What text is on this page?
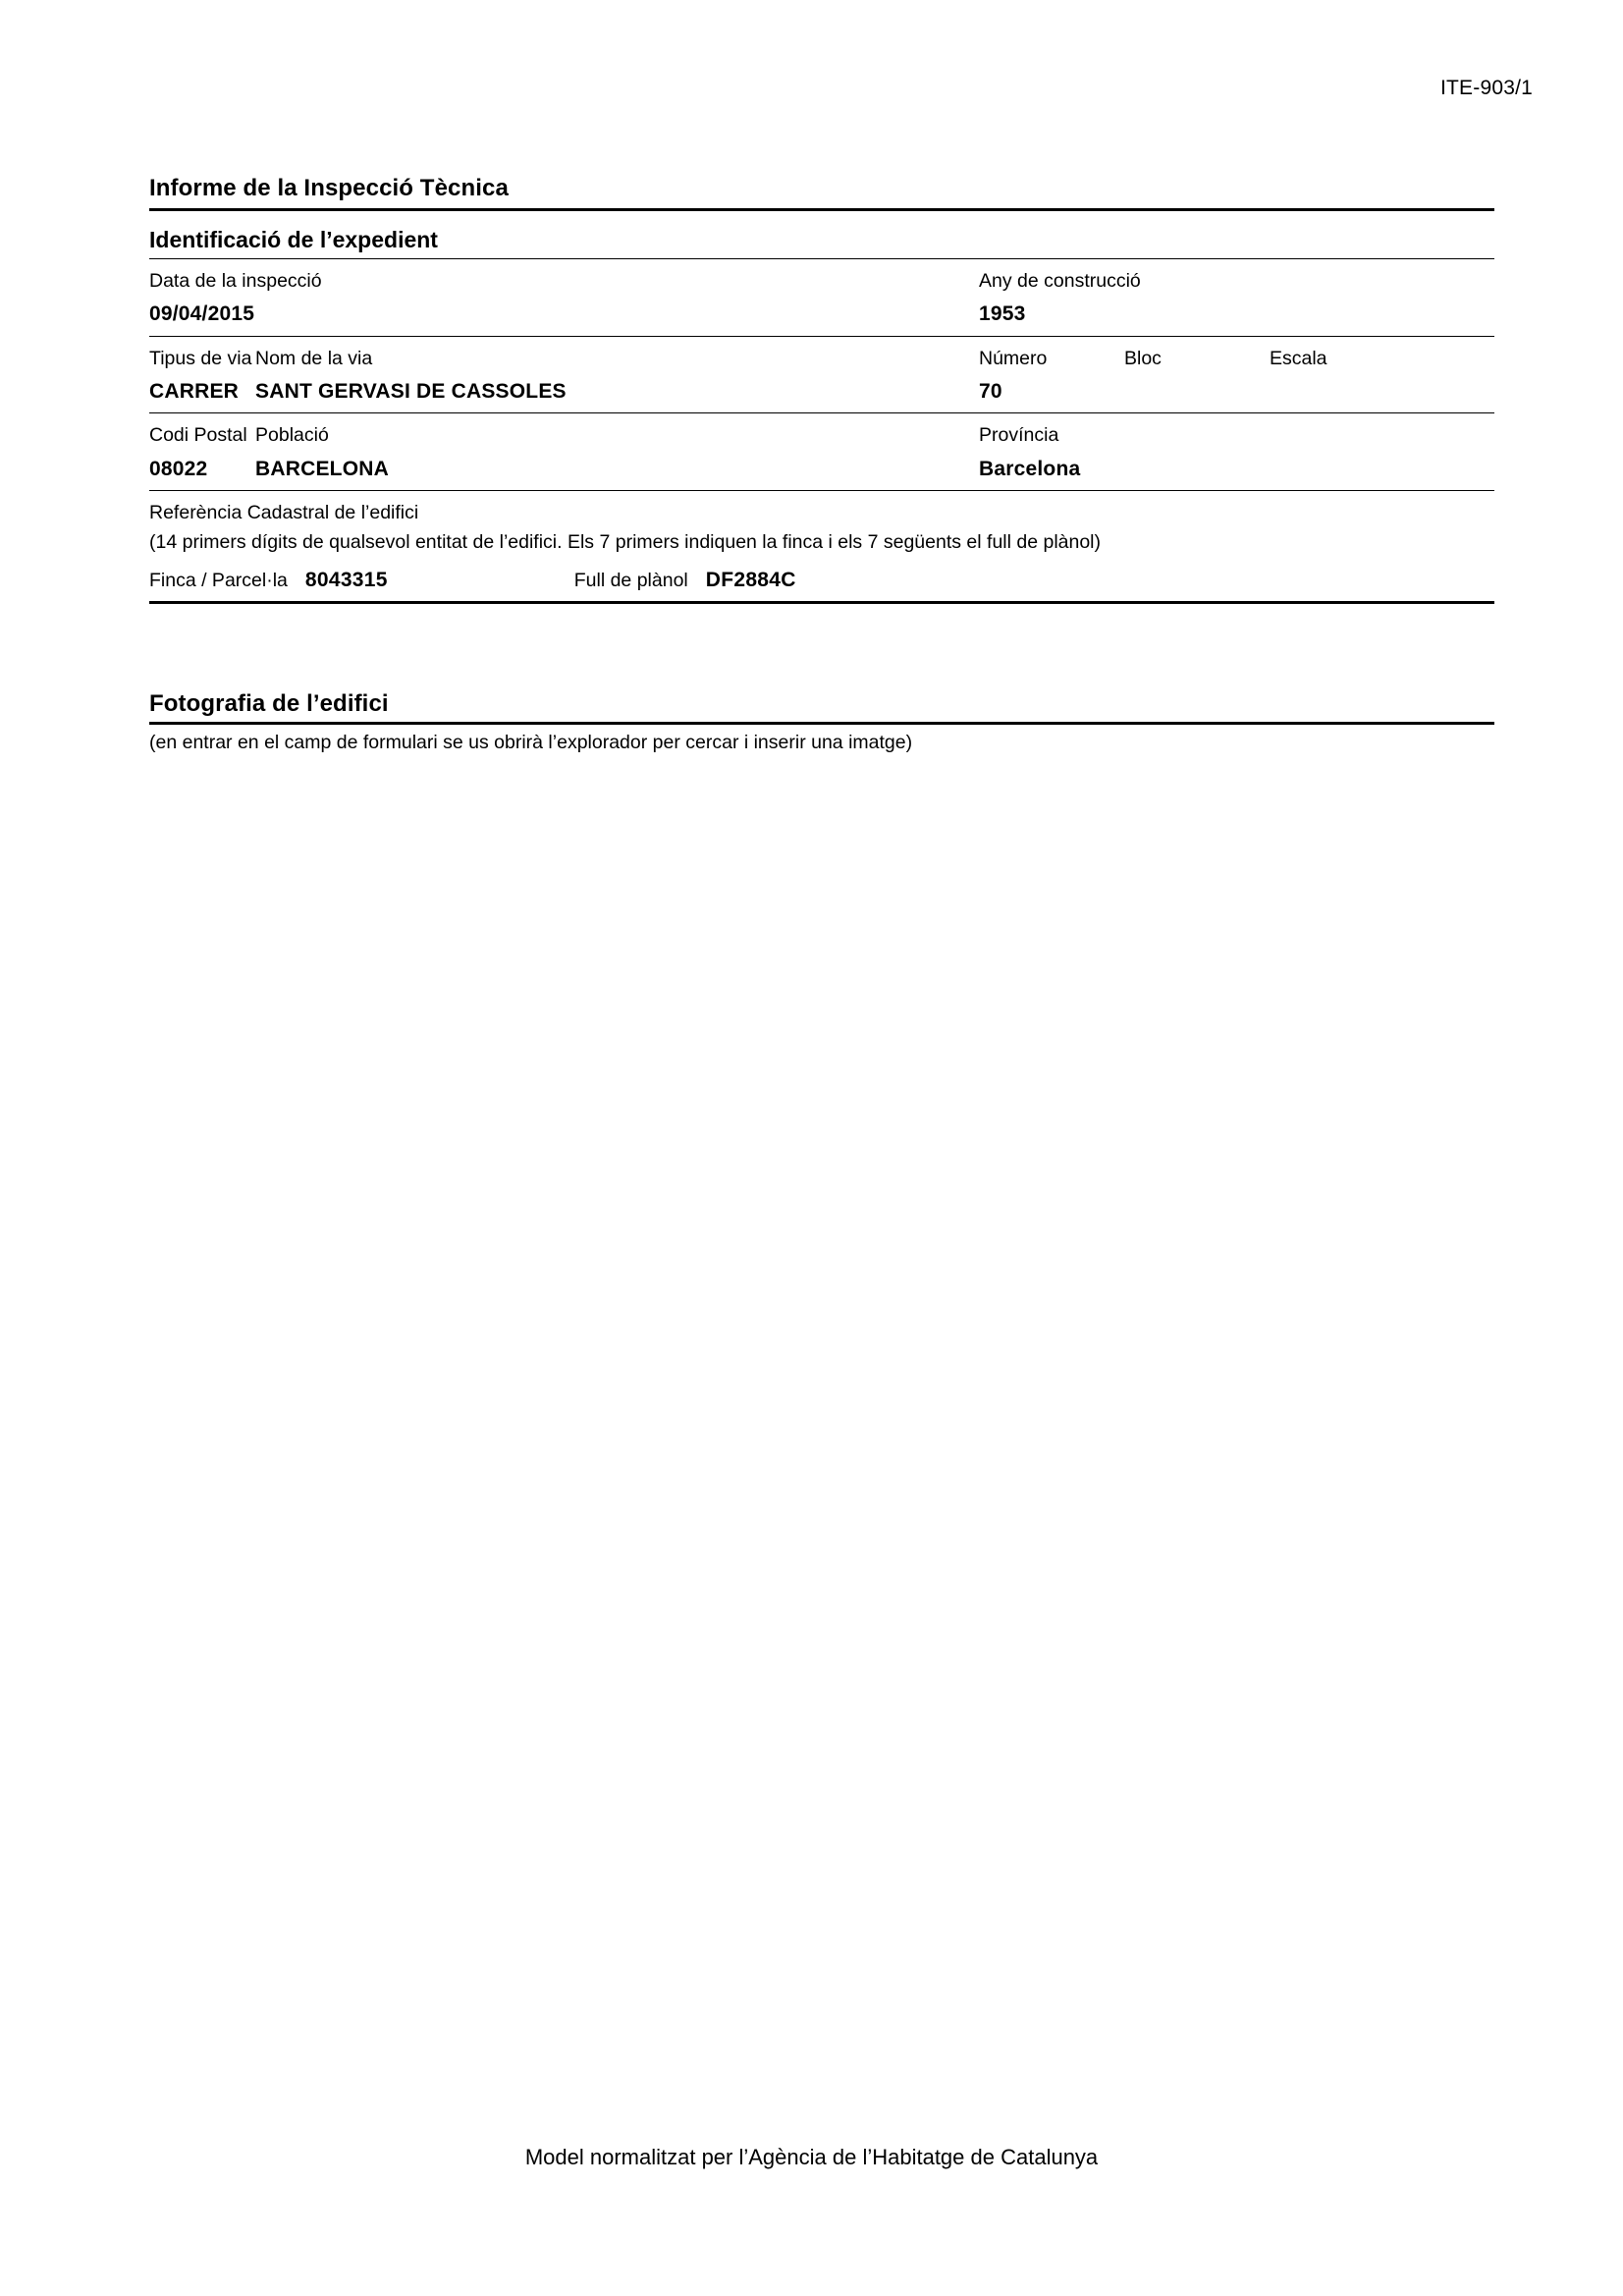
ITE-903/1
Informe de la Inspecció Tècnica
Identificació de l’expedient
Data de la inspecció
09/04/2015
Any de construcció
1953
Tipus de via
CARRER
Nom de la via
SANT GERVASI DE CASSOLES
Número
70
Bloc
	Escala

Codi Postal
08022
Població
BARCELONA
Província
Barcelona
Referència Cadastral de l’edifici
(14 primers dígits de qualsevol entitat de l’edifici. Els 7 primers indiquen la finca i els 7 següents el full de plànol)
Finca / Parcel·la 8043315	Full de plànol DF2884C
Fotografia de l’edifici
(en entrar en el camp de formulari se us obrirà l’explorador per cercar i inserir una imatge)
Model normalitzat per l’Agència de l’Habitatge de Catalunya
